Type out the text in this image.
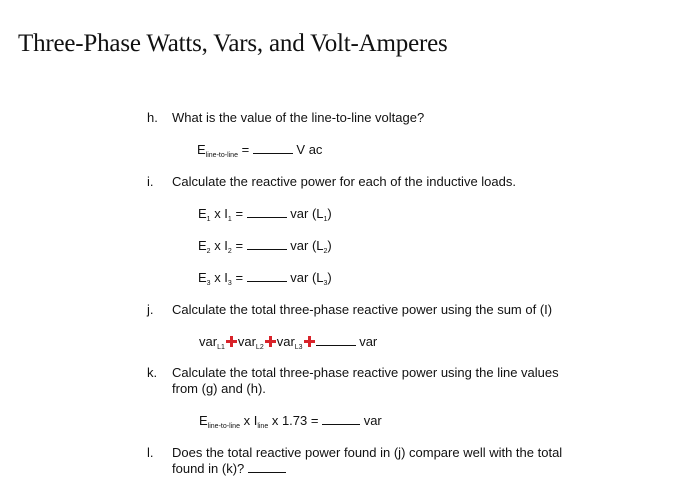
Three-Phase Watts, Vars, and Volt-Amperes
h. What is the value of the line-to-line voltage?
$E_{line-to-line}$ =	V ac
i. Calculate the reactive power for each of the inductive loads.
$E_1$ x $I_1$ =	var $(L_1)$
$E_2$ x $I_2$ =	var $(L_2)$
$E_3$ x $I_3$ =	var $(L_3)$
j. Calculate the total three-phase reactive power using the sum of (I)
var$_{L1}$ var$_{L2}$ var$_{L3}$	var
k. Calculate the total three-phase reactive power using the line values
from (g) and (h).
$E_{line-to-line}$ x $I_{line}$ x 1.73 =	var
l. Does the total reactive power found in (j) compare well with the total
found in (k)?
